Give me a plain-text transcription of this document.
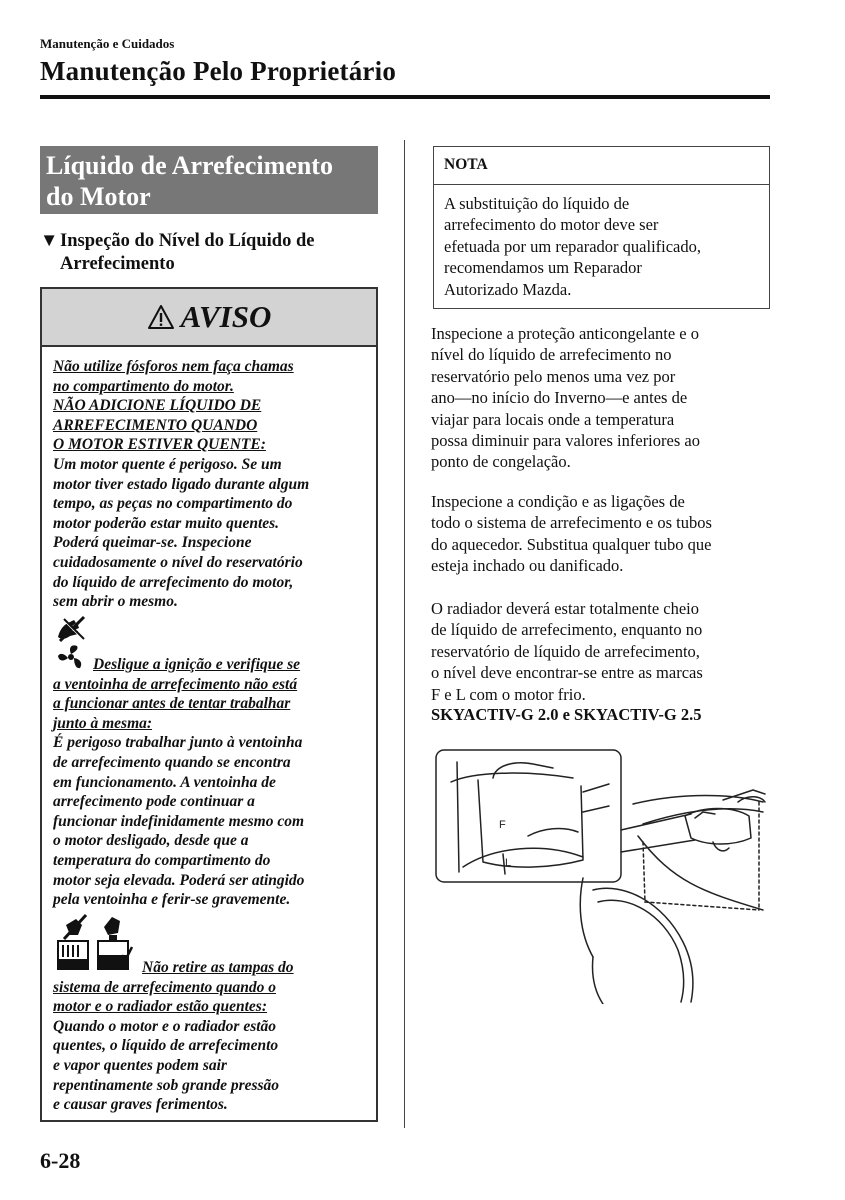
Manutenção e Cuidados
Manutenção Pelo Proprietário
Líquido de Arrefecimento
do Motor
▼Inspeção do Nível do Líquido de
Arrefecimento
AVISO
Não utilize fósforos nem faça chamas
no compartimento do motor.
NÃO ADICIONE LÍQUIDO DE
ARREFECIMENTO QUANDO
O MOTOR ESTIVER QUENTE:
Um motor quente é perigoso. Se um
motor tiver estado ligado durante algum
tempo, as peças no compartimento do
motor poderão estar muito quentes.
Poderá queimar-se. Inspecione
cuidadosamente o nível do reservatório
do líquido de arrefecimento do motor,
sem abrir o mesmo.
Desligue a ignição e verifique se
a ventoinha de arrefecimento não está
a funcionar antes de tentar trabalhar
junto à mesma:
É perigoso trabalhar junto à ventoinha
de arrefecimento quando se encontra
em funcionamento. A ventoinha de
arrefecimento pode continuar a
funcionar indefinidamente mesmo com
o motor desligado, desde que a
temperatura do compartimento do
motor seja elevada. Poderá ser atingido
pela ventoinha e ferir-se gravemente.
Não retire as tampas do
sistema de arrefecimento quando o
motor e o radiador estão quentes:
Quando o motor e o radiador estão
quentes, o líquido de arrefecimento
e vapor quentes podem sair
repentinamente sob grande pressão
e causar graves ferimentos.
NOTA
A substituição do líquido de
arrefecimento do motor deve ser
efetuada por um reparador qualificado,
recomendamos um Reparador
Autorizado Mazda.
Inspecione a proteção anticongelante e o
nível do líquido de arrefecimento no
reservatório pelo menos uma vez por
ano—no início do Inverno—e antes de
viajar para locais onde a temperatura
possa diminuir para valores inferiores ao
ponto de congelação.
Inspecione a condição e as ligações de
todo o sistema de arrefecimento e os tubos
do aquecedor. Substitua qualquer tubo que
esteja inchado ou danificado.
O radiador deverá estar totalmente cheio
de líquido de arrefecimento, enquanto no
reservatório de líquido de arrefecimento,
o nível deve encontrar-se entre as marcas
F e L com o motor frio.
SKYACTIV-G 2.0 e SKYACTIV-G 2.5
F
L
6-28
